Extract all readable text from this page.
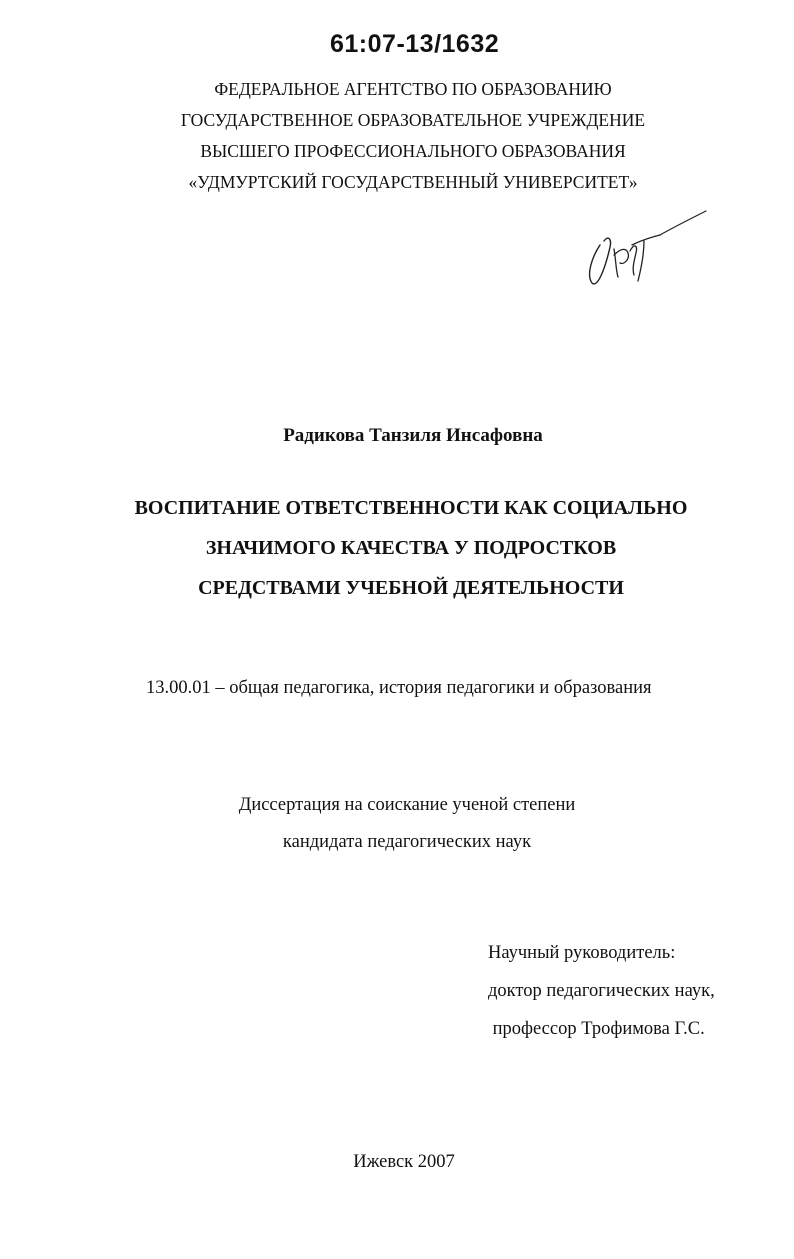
61:07-13/1632
ФЕДЕРАЛЬНОЕ АГЕНТСТВО ПО ОБРАЗОВАНИЮ
ГОСУДАРСТВЕННОЕ ОБРАЗОВАТЕЛЬНОЕ УЧРЕЖДЕНИЕ
ВЫСШЕГО ПРОФЕССИОНАЛЬНОГО ОБРАЗОВАНИЯ
«УДМУРТСКИЙ ГОСУДАРСТВЕННЫЙ УНИВЕРСИТЕТ»
Радикова Танзиля Инсафовна
ВОСПИТАНИЕ ОТВЕТСТВЕННОСТИ КАК СОЦИАЛЬНО
ЗНАЧИМОГО КАЧЕСТВА У ПОДРОСТКОВ
СРЕДСТВАМИ УЧЕБНОЙ ДЕЯТЕЛЬНОСТИ
13.00.01 – общая педагогика, история педагогики и образования
Диссертация на соискание ученой степени
кандидата педагогических наук
Научный руководитель:
доктор педагогических наук,
профессор Трофимова Г.С.
Ижевск 2007
